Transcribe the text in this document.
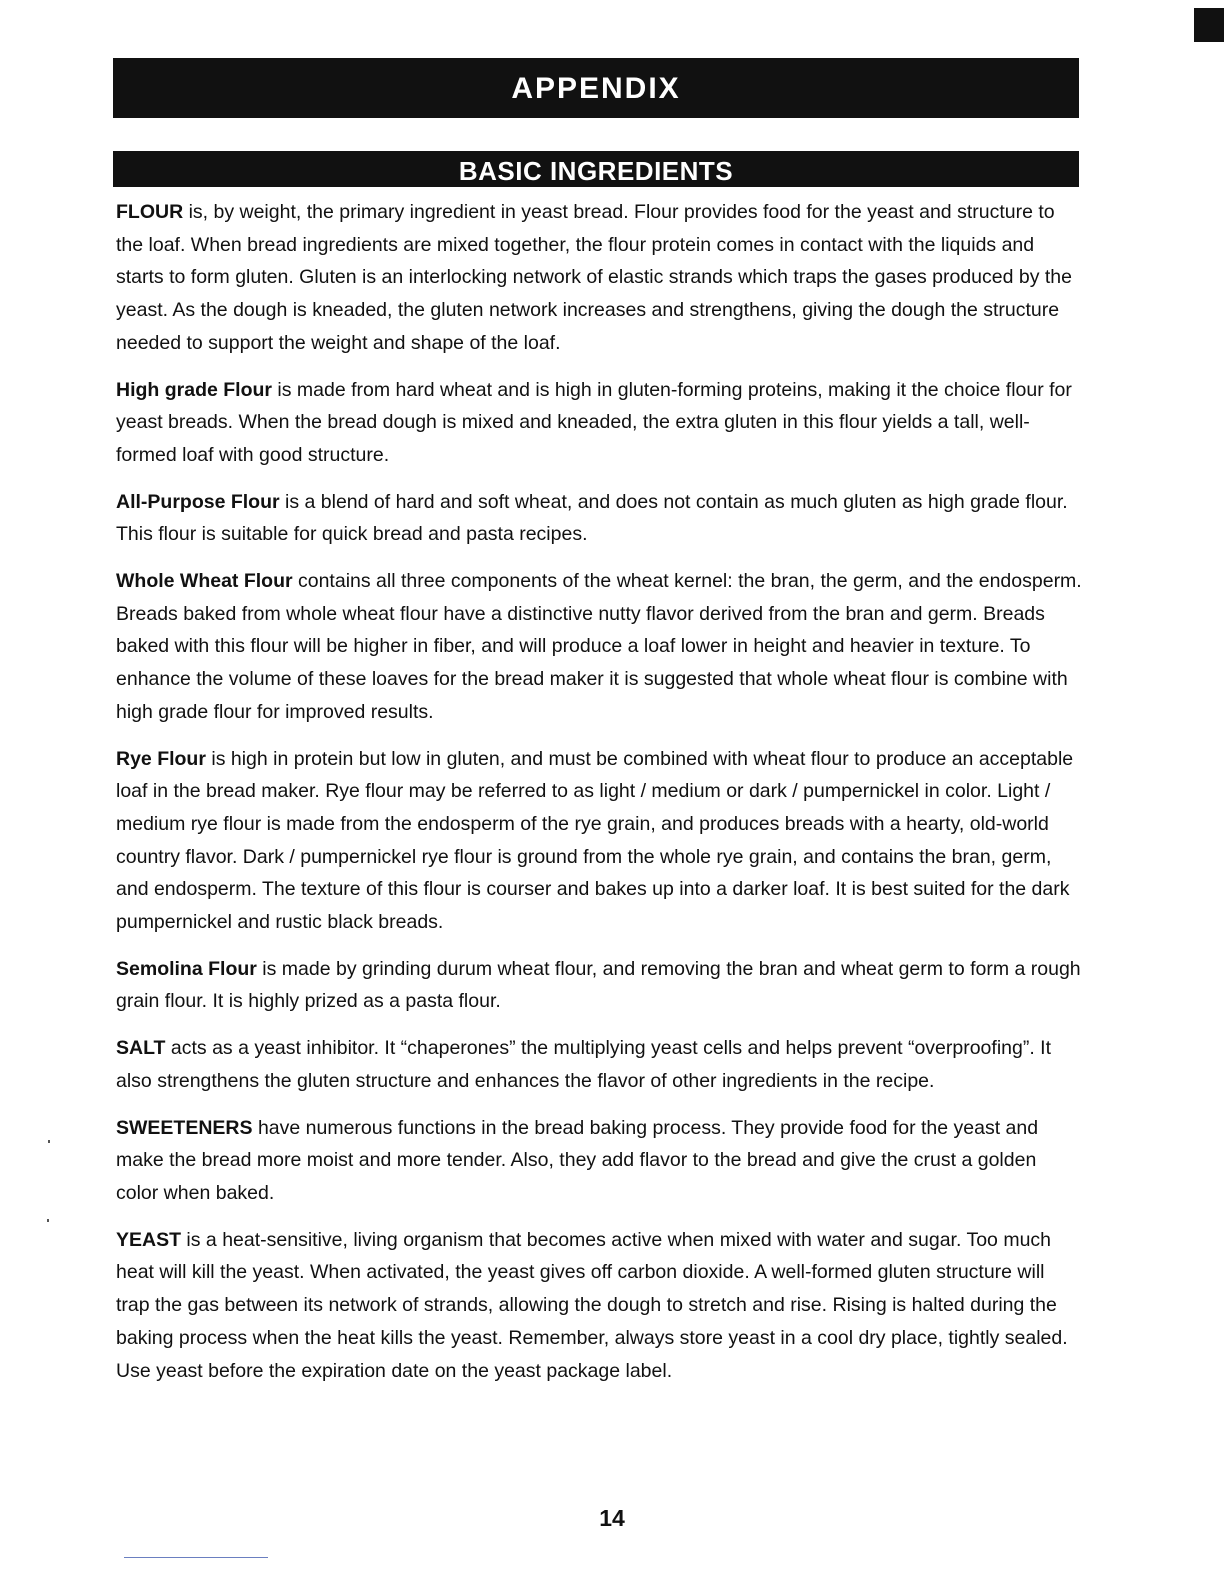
APPENDIX
BASIC INGREDIENTS

FLOUR is, by weight, the primary ingredient in yeast bread. Flour provides food for the yeast and structure to the loaf. When bread ingredients are mixed together, the flour protein comes in contact with the liquids and starts to form gluten. Gluten is an interlocking network of elastic strands which traps the gases produced by the yeast. As the dough is kneaded, the gluten network increases and strengthens, giving the dough the structure needed to support the weight and shape of the loaf.

High grade Flour is made from hard wheat and is high in gluten-forming proteins, making it the choice flour for yeast breads. When the bread dough is mixed and kneaded, the extra gluten in this flour yields a tall, well-formed loaf with good structure.

All-Purpose Flour is a blend of hard and soft wheat, and does not contain as much gluten as high grade flour. This flour is suitable for quick bread and pasta recipes.

Whole Wheat Flour contains all three components of the wheat kernel: the bran, the germ, and the endosperm. Breads baked from whole wheat flour have a distinctive nutty flavor derived from the bran and germ. Breads baked with this flour will be higher in fiber, and will produce a loaf lower in height and heavier in texture. To enhance the volume of these loaves for the bread maker it is suggested that whole wheat flour is combine with high grade flour for improved results.

Rye Flour is high in protein but low in gluten, and must be combined with wheat flour to produce an acceptable loaf in the bread maker. Rye flour may be referred to as light / medium or dark / pumpernickel in color. Light / medium rye flour is made from the endosperm of the rye grain, and produces breads with a hearty, old-world country flavor. Dark / pumpernickel rye flour is ground from the whole rye grain, and contains the bran, germ, and endosperm. The texture of this flour is courser and bakes up into a darker loaf. It is best suited for the dark pumpernickel and rustic black breads.

Semolina Flour is made by grinding durum wheat flour, and removing the bran and wheat germ to form a rough grain flour. It is highly prized as a pasta flour.

SALT acts as a yeast inhibitor. It “chaperones” the multiplying yeast cells and helps prevent “overproofing”. It also strengthens the gluten structure and enhances the flavor of other ingredients in the recipe.

SWEETENERS have numerous functions in the bread baking process. They provide food for the yeast and make the bread more moist and more tender. Also, they add flavor to the bread and give the crust a golden color when baked.

YEAST is a heat-sensitive, living organism that becomes active when mixed with water and sugar. Too much heat will kill the yeast. When activated, the yeast gives off carbon dioxide. A well-formed gluten structure will trap the gas between its network of strands, allowing the dough to stretch and rise. Rising is halted during the baking process when the heat kills the yeast. Remember, always store yeast in a cool dry place, tightly sealed. Use yeast before the expiration date on the yeast package label.

14
